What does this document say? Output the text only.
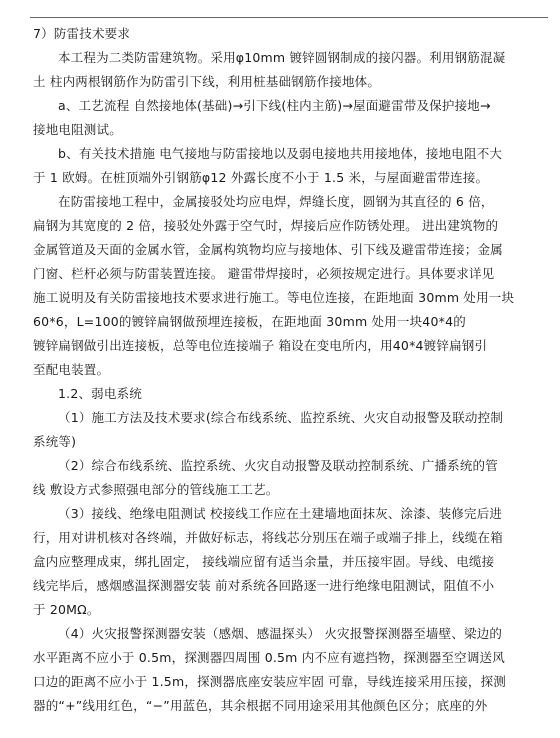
7）防雷技术要求
本工程为二类防雷建筑物。采用φ10mm 镀锌圆钢制成的接闪器。利用钢筋混凝
土 柱内两根钢筋作为防雷引下线，利用桩基础钢筋作接地体。
a、工艺流程 自然接地体(基础)→引下线(柱内主筋)→屋面避雷带及保护接地→
接地电阻测试。
b、有关技术措施 电气接地与防雷接地以及弱电接地共用接地体，接地电阻不大
于 1 欧姆。在桩顶端外引钢筋φ12 外露长度不小于 1.5 米，与屋面避雷带连接。
在防雷接地工程中，金属接驳处均应电焊，焊缝长度，圆钢为其直径的 6 倍，
扁钢为其宽度的 2 倍，接驳处外露于空气时，焊接后应作防锈处理。 进出建筑物的
金属管道及天面的金属水管，金属构筑物均应与接地体、引下线及避雷带连接；金属
门窗、栏杆必须与防雷装置连接。 避雷带焊接时，必须按规定进行。具体要求详见
施工说明及有关防雷接地技术要求进行施工。等电位连接，在距地面 30mm 处用一块
60*6，L=100的镀锌扁钢做预埋连接板，在距地面 30mm 处用一块40*4的
镀锌扁钢做引出连接板，总等电位连接端子 箱设在变电所内，用40*4镀锌扁钢引
至配电装置。
1.2、弱电系统
（1）施工方法及技术要求(综合布线系统、监控系统、火灾自动报警及联动控制
系统等)
（2）综合布线系统、监控系统、火灾自动报警及联动控制系统、广播系统的管
线 敷设方式参照强电部分的管线施工工艺。
（3）接线、绝缘电阻测试 校接线工作应在土建墙地面抹灰、涂漆、装修完后进
行，用对讲机核对各终端，并做好标志，将线芯分别压在端子或端子排上，线缆在箱
盒内应整理成束，绑扎固定， 接线端应留有适当余量，并压接牢固。导线、电缆接
线完毕后，感烟感温探测器安装 前对系统各回路逐一进行绝缘电阻测试，阻值不小
于 20MΩ。
（4）火灾报警探测器安装（感烟、感温探头） 火灾报警探测器至墙壁、梁边的
水平距离不应小于 0.5m，探测器四周围 0.5m 内不应有遮挡物，探测器至空调送风
口边的距离不应小于 1.5m，探测器底座安装应牢固 可靠，导线连接采用压接，探测
器的“+”线用红色，“−”用蓝色，其余根据不同用途采用其他颜色区分；底座的外
